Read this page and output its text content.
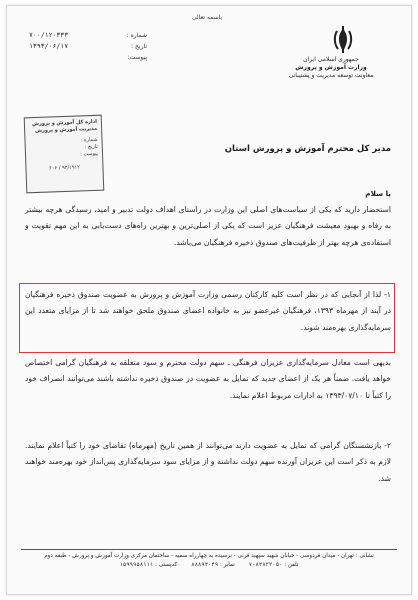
باسمه تعالی
جمهوری اسلامی ایران
وزارت آموزش و پرورش
معاونت توسعه مدیریت و پشتیبانی
شماره :
۷۰۰/۱۲۰۳۳۳
تاریخ :
۱۳۹۳/۰۶/۱۷
پیوست:
اداره کل آموزش و پرورش
مدیریت آموزش و پرورش
شماره :
تاریخ :
پیوست :
۶۰۶ / ۹۳/۱۹۱۲
مدیر کل محترم آموزش و پرورش استان
با سلام

استحضار دارید که یکی از سیاست‌های اصلی این وزارت در راستای اهداف دولت تدبیر و امید، رسیدگی هرچه بیشتر به رفاه و بهبود معیشت فرهنگیان عزیز است که یکی از اصلی‌ترین و بهترین راه‌های دست‌یابی به این مهم تقویت و استفاده‌ی هرچه بهتر از ظرفیت‌های صندوق ذخیره فرهنگیان می‌باشد.

۱- لذا از آنجایی که در نظر است کلیه کارکنان رسمی وزارت آموزش و پرورش به عضویت صندوق ذخیره فرهنگیان در آیند از مهرماه ۱۳۹۳، فرهنگیان غیرعضو نیز به خانواده اعضای صندوق ملحق خواهند شد تا از مزایای متعدد این سرمایه‌گذاری بهره‌مند شوند.

بدیهی است معادل سرمایه‌گذاری عزیزان فرهنگی ـ سهم دولت محترم و سود متعلقه به فرهنگیان گرامی اختصاص خواهد یافت. ضمناً هر یک از اعضای جدید که تمایل به عضویت در صندوق ذخیره نداشته باشند می‌توانند انصراف خود را کتباً تا ۱۳۹۳/۰۷/۱۰ به ادارات مربوط اعلام نمایند.

۲- بازنشستگان گرامی که تمایل به عضویت دارند می‌توانند از همین تاریخ (مهرماه) تقاضای خود را کتباً اعلام نمایند. لازم به ذکر است این عزیزان آورنده سهم دولت نداشته و از مزایای سود سرمایه‌گذاری پس‌انداز خود بهره‌مند خواهند شد.

نشانی : تهران - میدان فردوسی - خیابان شهید سپهبد قرنی - نرسیده به چهارراه سمیه - ساختمان مرکزی وزارت آموزش و پرورش - طبقه دوم
تلفن : ۸۲۸۳۳۰۵۰-۷
نمابر : ۸۸۸۹۴۰۴۹
کدپستی : ۱۵۹۹۹۵۸۱۱۱
